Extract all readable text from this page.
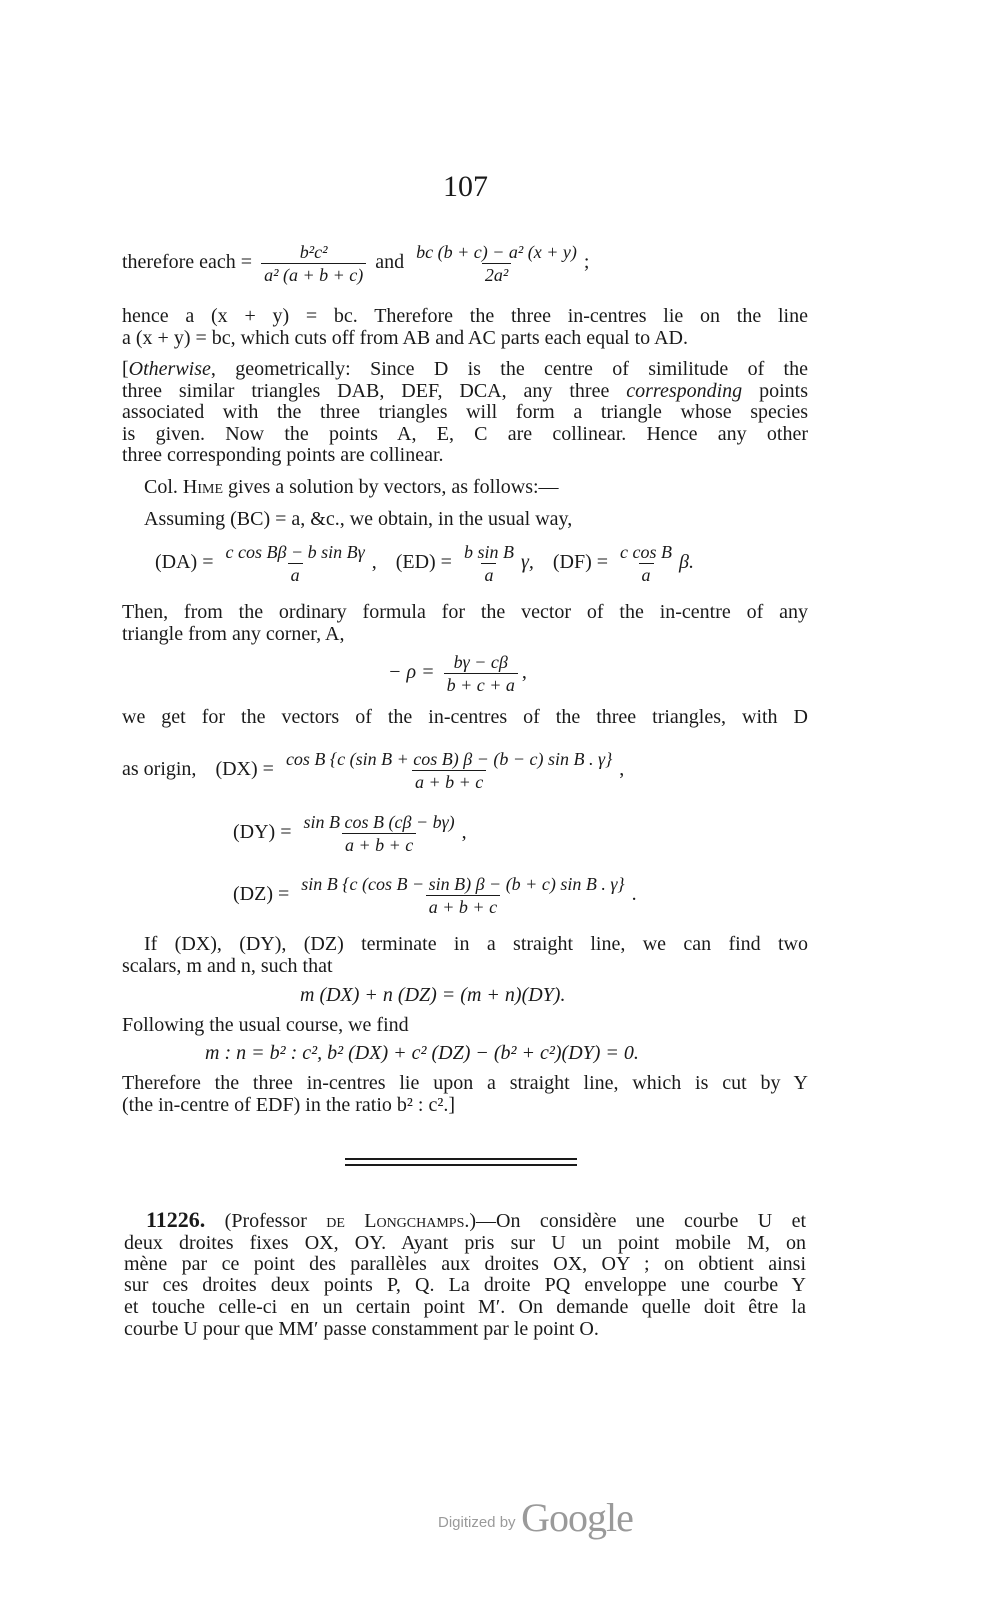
107
therefore each = $\frac{\text{b²c²}}{\text{a² (a + b + c)}}$ and $\frac{\text{bc (b + c) − a² (x + y)}}{\text{2a²}}$ ;
hence a (x + y) = bc. Therefore the three in-centres lie on the line
a (x + y) = bc, which cuts off from AB and AC parts each equal to AD.
[Otherwise, geometrically: Since D is the centre of similitude of the
three similar triangles DAB, DEF, DCA, any three corresponding points
associated with the three triangles will form a triangle whose species
is given. Now the points A, E, C are collinear. Hence any other
three corresponding points are collinear.
Col. Hime gives a solution by vectors, as follows:—
Assuming (BC) = a, &c., we obtain, in the usual way,
$(DA) = \frac{\text{c cos Bβ − b sin Bγ}}{a}$ , $(ED) = \frac{\text{b sin B}}{a} \gamma$, $(DF) = \frac{\text{c cos B}}{a} \beta$.
Then, from the ordinary formula for the vector of the in-centre of any
triangle from any corner, A,
− $\rho = \frac{b\gamma - c\beta}{b + c + a}$ ,
we get for the vectors of the in-centres of the three triangles, with D
as origin, $(DX) = \frac{\text{cos B \{c (sin B + cos B) β − (b − c) sin B . γ\}}}{a + b + c}$ ,
$(DY) = \frac{\text{sin B cos B (cβ − bγ)}}{a + b + c}$ ,
$(DZ) = \frac{\text{sin B \{c (cos B − sin B) β − (b + c) sin B . γ\}}}{a + b + c}$ .
If (DX), (DY), (DZ) terminate in a straight line, we can find two
scalars, m and n, such that
m (DX) + n (DZ) = (m + n)(DY).
Following the usual course, we find
m : n = b² : c², b² (DX) + c² (DZ) − (b² + c²)(DY) = 0.
Therefore the three in-centres lie upon a straight line, which is cut by Y
(the in-centre of EDF) in the ratio b² : c².]
11226. (Professor de Longchamps.)—On considère une courbe U et
deux droites fixes OX, OY. Ayant pris sur U un point mobile M, on
mène par ce point des parallèles aux droites OX, OY ; on obtient ainsi
sur ces droites deux points P, Q. La droite PQ enveloppe une courbe Y
et touche celle-ci en un certain point M′. On demande quelle doit être la
courbe U pour que MM′ passe constamment par le point O.
$^{Digitized by}$ Google
